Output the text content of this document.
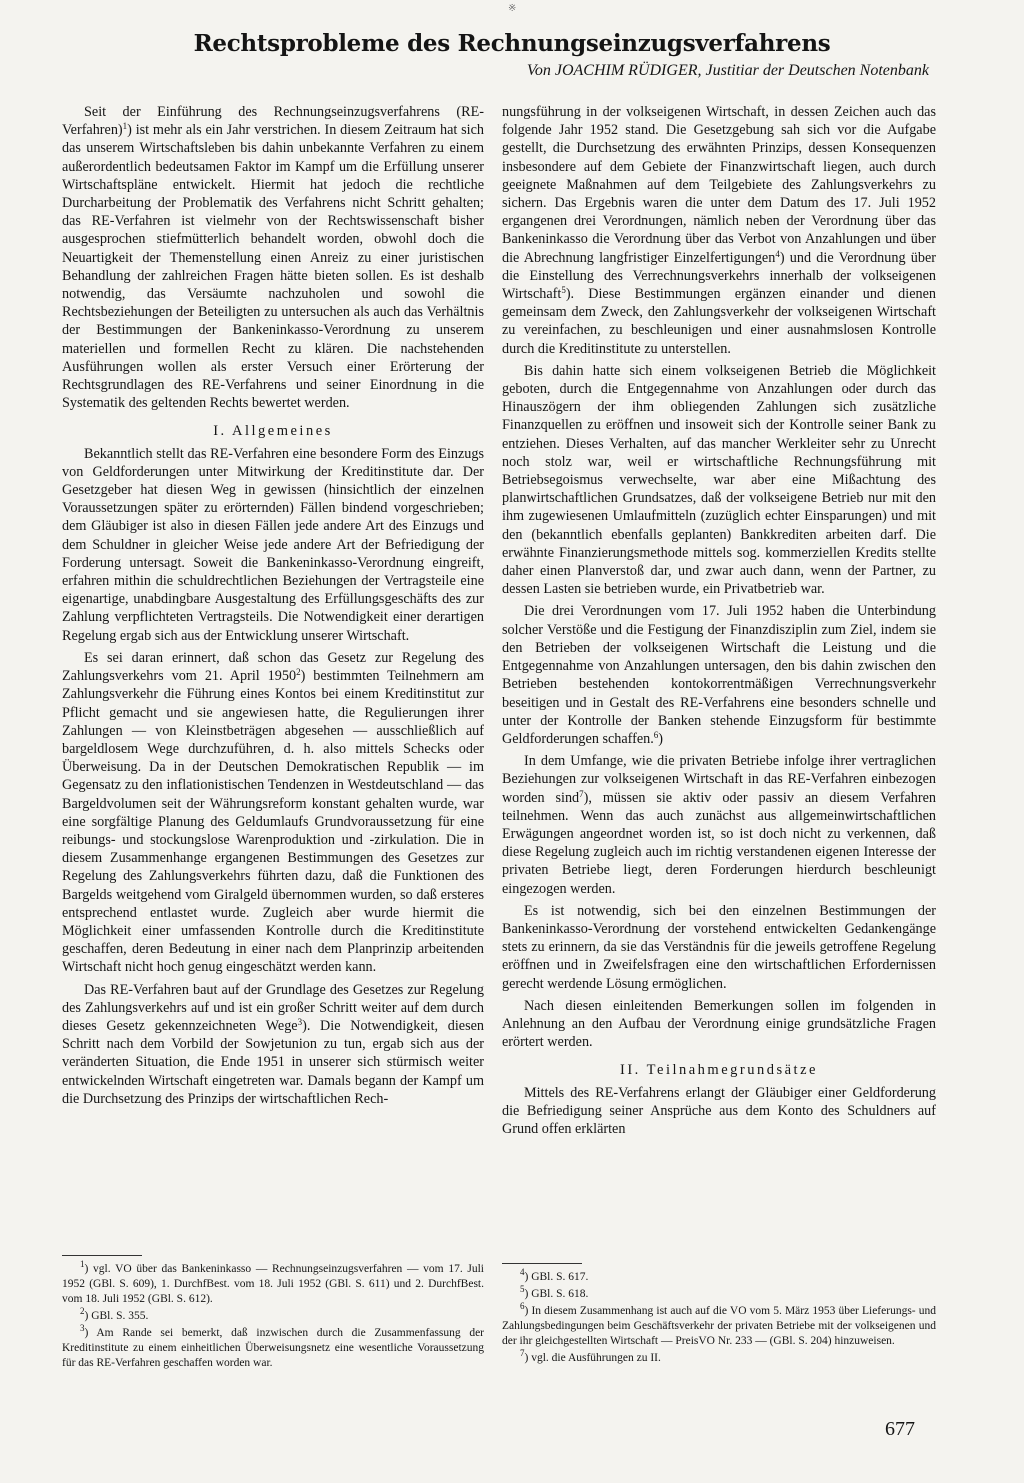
※
Rechtsprobleme des Rechnungseinzugsverfahrens
Von JOACHIM RÜDIGER, Justitiar der Deutschen Notenbank

Seit der Einführung des Rechnungseinzugsverfahrens (RE-Verfahren)$^1$) ist mehr als ein Jahr verstrichen. In diesem Zeitraum hat sich das unserem Wirtschaftsleben bis dahin unbekannte Verfahren zu einem außerordentlich bedeutsamen Faktor im Kampf um die Erfüllung unserer Wirtschaftspläne entwickelt. Hiermit hat jedoch die rechtliche Durcharbeitung der Problematik des Verfahrens nicht Schritt gehalten; das RE-Verfahren ist vielmehr von der Rechtswissenschaft bisher ausgesprochen stiefmütterlich behandelt worden, obwohl doch die Neuartigkeit der Themenstellung einen Anreiz zu einer juristischen Behandlung der zahlreichen Fragen hätte bieten sollen. Es ist deshalb notwendig, das Versäumte nachzuholen und sowohl die Rechtsbeziehungen der Beteiligten zu untersuchen als auch das Verhältnis der Bestimmungen der Bankeninkasso-Verordnung zu unserem materiellen und formellen Recht zu klären. Die nachstehenden Ausführungen wollen als erster Versuch einer Erörterung der Rechtsgrundlagen des RE-Verfahrens und seiner Einordnung in die Systematik des geltenden Rechts bewertet werden.

I. Allgemeines

Bekanntlich stellt das RE-Verfahren eine besondere Form des Einzugs von Geldforderungen unter Mitwirkung der Kreditinstitute dar. Der Gesetzgeber hat diesen Weg in gewissen (hinsichtlich der einzelnen Voraussetzungen später zu erörternden) Fällen bindend vorgeschrieben; dem Gläubiger ist also in diesen Fällen jede andere Art des Einzugs und dem Schuldner in gleicher Weise jede andere Art der Befriedigung der Forderung untersagt. Soweit die Bankeninkasso-Verordnung eingreift, erfahren mithin die schuldrechtlichen Beziehungen der Vertragsteile eine eigenartige, unabdingbare Ausgestaltung des Erfüllungsgeschäfts des zur Zahlung verpflichteten Vertragsteils. Die Notwendigkeit einer derartigen Regelung ergab sich aus der Entwicklung unserer Wirtschaft.

Es sei daran erinnert, daß schon das Gesetz zur Regelung des Zahlungsverkehrs vom 21. April 1950$^2$) bestimmten Teilnehmern am Zahlungsverkehr die Führung eines Kontos bei einem Kreditinstitut zur Pflicht gemacht und sie angewiesen hatte, die Regulierungen ihrer Zahlungen — von Kleinstbeträgen abgesehen — ausschließlich auf bargeldlosem Wege durchzuführen, d. h. also mittels Schecks oder Überweisung. Da in der Deutschen Demokratischen Republik — im Gegensatz zu den inflationistischen Tendenzen in Westdeutschland — das Bargeldvolumen seit der Währungsreform konstant gehalten wurde, war eine sorgfältige Planung des Geldumlaufs Grundvoraussetzung für eine reibungs- und stockungslose Warenproduktion und -zirkulation. Die in diesem Zusammenhange ergangenen Bestimmungen des Gesetzes zur Regelung des Zahlungsverkehrs führten dazu, daß die Funktionen des Bargelds weitgehend vom Giralgeld übernommen wurden, so daß ersteres entsprechend entlastet wurde. Zugleich aber wurde hiermit die Möglichkeit einer umfassenden Kontrolle durch die Kreditinstitute geschaffen, deren Bedeutung in einer nach dem Planprinzip arbeitenden Wirtschaft nicht hoch genug eingeschätzt werden kann.

Das RE-Verfahren baut auf der Grundlage des Gesetzes zur Regelung des Zahlungsverkehrs auf und ist ein großer Schritt weiter auf dem durch dieses Gesetz gekennzeichneten Wege$^3$). Die Notwendigkeit, diesen Schritt nach dem Vorbild der Sowjetunion zu tun, ergab sich aus der veränderten Situation, die Ende 1951 in unserer sich stürmisch weiter entwickelnden Wirtschaft eingetreten war. Damals begann der Kampf um die Durchsetzung des Prinzips der wirtschaftlichen Rech-

nungsführung in der volkseigenen Wirtschaft, in dessen Zeichen auch das folgende Jahr 1952 stand. Die Gesetzgebung sah sich vor die Aufgabe gestellt, die Durchsetzung des erwähnten Prinzips, dessen Konsequenzen insbesondere auf dem Gebiete der Finanzwirtschaft liegen, auch durch geeignete Maßnahmen auf dem Teilgebiete des Zahlungsverkehrs zu sichern. Das Ergebnis waren die unter dem Datum des 17. Juli 1952 ergangenen drei Verordnungen, nämlich neben der Verordnung über das Bankeninkasso die Verordnung über das Verbot von Anzahlungen und über die Abrechnung langfristiger Einzelfertigungen$^4$) und die Verordnung über die Einstellung des Verrechnungsverkehrs innerhalb der volkseigenen Wirtschaft$^5$). Diese Bestimmungen ergänzen einander und dienen gemeinsam dem Zweck, den Zahlungsverkehr der volkseigenen Wirtschaft zu vereinfachen, zu beschleunigen und einer ausnahmslosen Kontrolle durch die Kreditinstitute zu unterstellen.

Bis dahin hatte sich einem volkseigenen Betrieb die Möglichkeit geboten, durch die Entgegennahme von Anzahlungen oder durch das Hinauszögern der ihm obliegenden Zahlungen sich zusätzliche Finanzquellen zu eröffnen und insoweit sich der Kontrolle seiner Bank zu entziehen. Dieses Verhalten, auf das mancher Werkleiter sehr zu Unrecht noch stolz war, weil er wirtschaftliche Rechnungsführung mit Betriebsegoismus verwechselte, war aber eine Mißachtung des planwirtschaftlichen Grundsatzes, daß der volkseigene Betrieb nur mit den ihm zugewiesenen Umlaufmitteln (zuzüglich echter Einsparungen) und mit den (bekanntlich ebenfalls geplanten) Bankkrediten arbeiten darf. Die erwähnte Finanzierungsmethode mittels sog. kommerziellen Kredits stellte daher einen Planverstoß dar, und zwar auch dann, wenn der Partner, zu dessen Lasten sie betrieben wurde, ein Privatbetrieb war.

Die drei Verordnungen vom 17. Juli 1952 haben die Unterbindung solcher Verstöße und die Festigung der Finanzdisziplin zum Ziel, indem sie den Betrieben der volkseigenen Wirtschaft die Leistung und die Entgegennahme von Anzahlungen untersagen, den bis dahin zwischen den Betrieben bestehenden kontokorrentmäßigen Verrechnungsverkehr beseitigen und in Gestalt des RE-Verfahrens eine besonders schnelle und unter der Kontrolle der Banken stehende Einzugsform für bestimmte Geldforderungen schaffen.$^6$)

In dem Umfange, wie die privaten Betriebe infolge ihrer vertraglichen Beziehungen zur volkseigenen Wirtschaft in das RE-Verfahren einbezogen worden sind$^7$), müssen sie aktiv oder passiv an diesem Verfahren teilnehmen. Wenn das auch zunächst aus allgemeinwirtschaftlichen Erwägungen angeordnet worden ist, so ist doch nicht zu verkennen, daß diese Regelung zugleich auch im richtig verstandenen eigenen Interesse der privaten Betriebe liegt, deren Forderungen hierdurch beschleunigt eingezogen werden.

Es ist notwendig, sich bei den einzelnen Bestimmungen der Bankeninkasso-Verordnung der vorstehend entwickelten Gedankengänge stets zu erinnern, da sie das Verständnis für die jeweils getroffene Regelung eröffnen und in Zweifelsfragen eine den wirtschaftlichen Erfordernissen gerecht werdende Lösung ermöglichen.

Nach diesen einleitenden Bemerkungen sollen im folgenden in Anlehnung an den Aufbau der Verordnung einige grundsätzliche Fragen erörtert werden.

II. Teilnahmegrundsätze

Mittels des RE-Verfahrens erlangt der Gläubiger einer Geldforderung die Befriedigung seiner Ansprüche aus dem Konto des Schuldners auf Grund offen erklärten

$^1$) vgl. VO über das Bankeninkasso — Rechnungseinzugsverfahren — vom 17. Juli 1952 (GBl. S. 609), 1. DurchfBest. vom 18. Juli 1952 (GBl. S. 611) und 2. DurchfBest. vom 18. Juli 1952 (GBl. S. 612).
$^2$) GBl. S. 355.
$^3$) Am Rande sei bemerkt, daß inzwischen durch die Zusammenfassung der Kreditinstitute zu einem einheitlichen Überweisungsnetz eine wesentliche Voraussetzung für das RE-Verfahren geschaffen worden war.
$^4$) GBl. S. 617.
$^5$) GBl. S. 618.
$^6$) In diesem Zusammenhang ist auch auf die VO vom 5. März 1953 über Lieferungs- und Zahlungsbedingungen beim Geschäftsverkehr der privaten Betriebe mit der volkseigenen und der ihr gleichgestellten Wirtschaft — PreisVO Nr. 233 — (GBl. S. 204) hinzuweisen.
$^7$) vgl. die Ausführungen zu II.
677
